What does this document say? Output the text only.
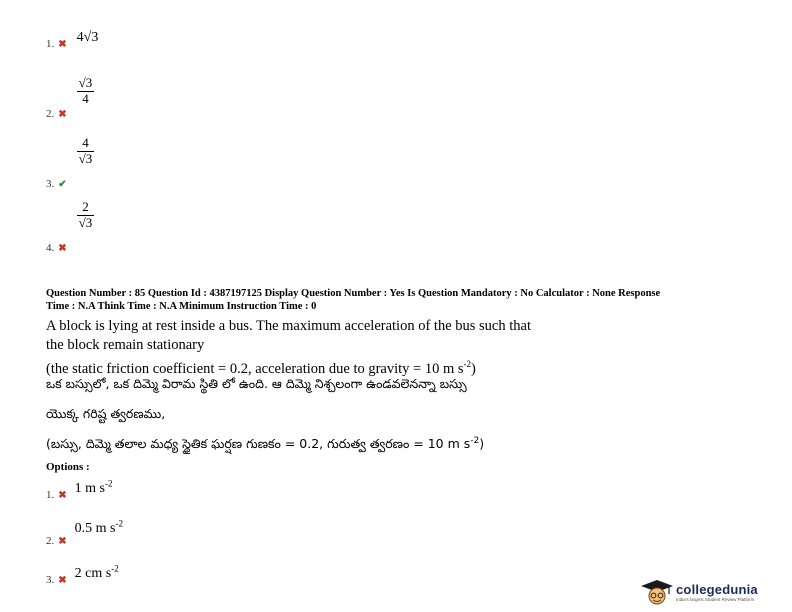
1. ✖ 4√3
$_{2.}$ $_✖$
$\frac{√3}{4}$
$_{3.}$ $_✔$
$\frac{4}{√3}$
$_{4.}$ $_✖$
$\frac{2}{√3}$
Question Number : 85 Question Id : 4387197125 Display Question Number : Yes Is Question Mandatory : No Calculator : None Response
Time : N.A Think Time : N.A Minimum Instruction Time : 0
A block is lying at rest inside a bus. The maximum acceleration of the bus such that
the block remain stationary
(the static friction coefficient = 0.2, acceleration due to gravity = 10 m $s^{-2}$)
ఒక బస్సులో, ఒక దిమ్మె విరామ స్థితి లో ఉంది. ఆ దిమ్మె నిశ్చలంగా ఉండవలెనన్నా బస్సు
యొక్క గరిష్ట త్వరణము,
(బస్సు, దిమ్మె తలాల మధ్య స్థైతిక ఘర్షణ గుణకం = 0.2, గురుత్వ త్వరణం = 10 m $s^{-2}$)
Options :
$_{1.}$ $_✖$ 1 m $s^{-2}$
$_{2.}$ $_✖$ 0.5 m $s^{-2}$
$_{3.}$ $_✖$ 2 cm $s^{-2}$
collegedunia
India's largest Student Review Platform
